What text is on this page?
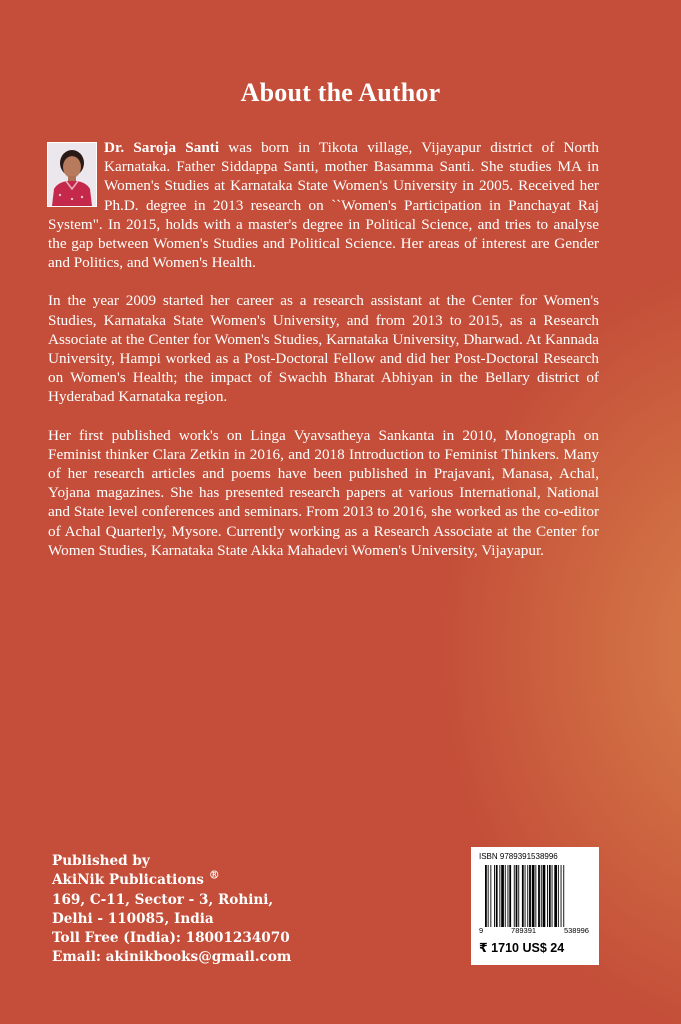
About the Author

Dr. Saroja Santi was born in Tikota village, Vijayapur district of North Karnataka. Father Siddappa Santi, mother Basamma Santi. She studies MA in Women's Studies at Karnataka State Women's University in 2005. Received her Ph.D. degree in 2013 research on ``Women's Participation in Panchayat Raj System". In 2015, holds with a master's degree in Political Science, and tries to analyse the gap between Women's Studies and Political Science. Her areas of interest are Gender and Politics, and Women's Health.

In the year 2009 started her career as a research assistant at the Center for Women's Studies, Karnataka State Women's University, and from 2013 to 2015, as a Research Associate at the Center for Women's Studies, Karnataka University, Dharwad. At Kannada University, Hampi worked as a Post-Doctoral Fellow and did her Post-Doctoral Research on Women's Health; the impact of Swachh Bharat Abhiyan in the Bellary district of Hyderabad Karnataka region.

Her first published work's on Linga Vyavsatheya Sankanta in 2010, Monograph on Feminist thinker Clara Zetkin in 2016, and 2018 Introduction to Feminist Thinkers. Many of her research articles and poems have been published in Prajavani, Manasa, Achal, Yojana magazines. She has presented research papers at various International, National and State level conferences and seminars. From 2013 to 2016, she worked as the co-editor of Achal Quarterly, Mysore. Currently working as a Research Associate at the Center for Women Studies, Karnataka State Akka Mahadevi Women's University, Vijayapur.

Published by
AkiNik Publications ®
169, C-11, Sector - 3, Rohini,
Delhi - 110085, India
Toll Free (India): 18001234070
Email: akinikbooks@gmail.com
ISBN 9789391538996
9	789391	538996
₹ 1710 US$ 24
